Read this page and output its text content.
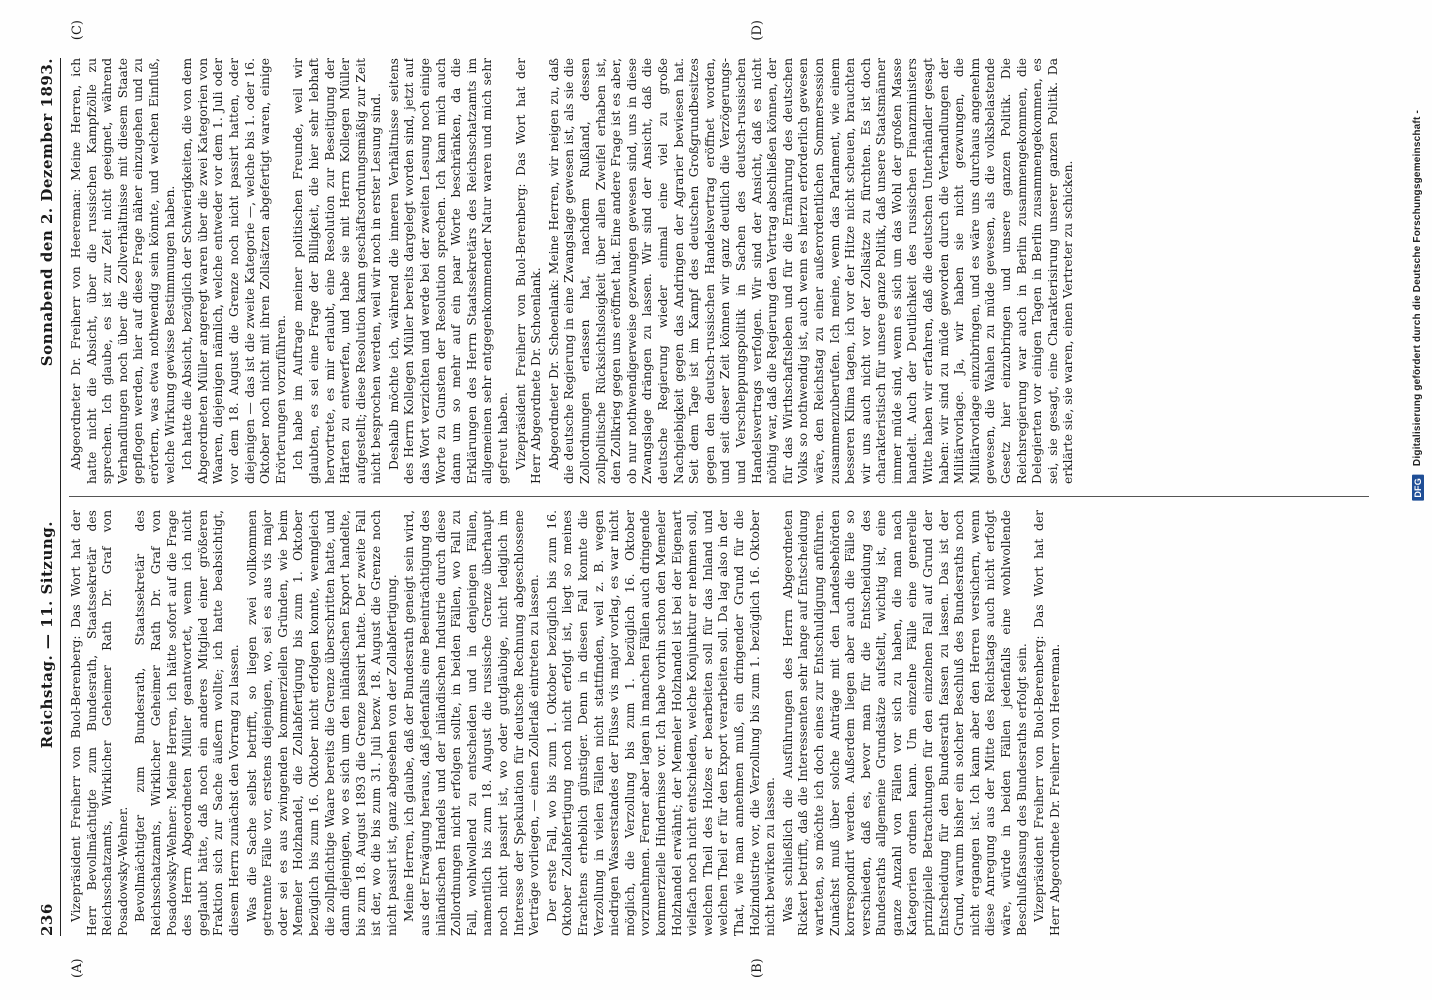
236
Reichstag. — 11. Sitzung.
Sonnabend den 2. Dezember 1893.
(A)	(B)
(C)	(D)

Vizepräsident Freiherr von Buol-Berenberg: Das Wort hat der Herr Bevollmächtigte zum Bundesrath, Staatssekretär des Reichsschatzamts, Wirklicher Geheimer Rath Dr. Graf von Posadowsky-Wehner. Bevollmächtigter zum Bundesrath, Staatssekretär des Reichsschatzamts, Wirklicher Geheimer Rath Dr. Graf von Posadowsky-Wehner: Meine Herren, ich hätte sofort auf die Frage des Herrn Abgeordneten Müller geantwortet, wenn ich nicht geglaubt hätte, daß noch ein anderes Mitglied einer größeren Fraktion sich zur Sache äußern wollte; ich hatte beabsichtigt, diesem Herrn zunächst den Vorrang zu lassen. Was die Sache selbst betrifft, so liegen zwei vollkommen getrennte Fälle vor, erstens diejenigen, wo, sei es aus vis major oder sei es aus zwingenden kommerziellen Gründen, wie beim Memeler Holzhandel, die Zollabfertigung bis zum 1. Oktober bezüglich bis zum 16. Oktober nicht erfolgen konnte, wenngleich die zollpflichtige Waare bereits die Grenze überschritten hatte, und dann diejenigen, wo es sich um den inländischen Export handelte, bis zum 18. August 1893 die Grenze passirt hatte. Der zweite Fall ist der, wo die bis zum 31. Juli bezw. 18. August die Grenze noch nicht passirt ist, ganz abgesehen von der Zollabfertigung. Meine Herren, ich glaube, daß der Bundesrath geneigt sein wird, aus der Erwägung heraus, daß jedenfalls eine Beeinträchtigung des inländischen Handels und der inländischen Industrie durch diese Zollordnungen nicht erfolgen sollte, in beiden Fällen, wo Fall zu Fall, wohlwollend zu entscheiden und in denjenigen Fällen, namentlich bis zum 18. August die russische Grenze überhaupt noch nicht passirt ist, wo oder gutgläubige, nicht lediglich im Interesse der Spekulation für deutsche Rechnung abgeschlossene Verträge vorliegen, — einen Zollerlaß eintreten zu lassen. Der erste Fall, wo bis zum 1. Oktober bezüglich bis zum 16. Oktober Zollabfertigung noch nicht erfolgt ist, liegt so meines Erachtens erheblich günstiger. Denn in diesen Fall konnte die Verzollung in vielen Fällen nicht stattfinden, weil z. B. wegen niedrigen Wasserstandes der Flüsse vis major vorlag, es war nicht möglich, die Verzollung bis zum 1. bezüglich 16. Oktober vorzunehmen. Ferner aber lagen in manchen Fällen auch dringende kommerzielle Hindernisse vor. Ich habe vorhin schon den Memeler Holzhandel erwähnt; der Memeler Holzhandel ist bei der Eigenart vielfach noch nicht entschieden, welche Konjunktur er nehmen soll, welchen Theil des Holzes er bearbeiten soll für das Inland und welchen Theil er für den Export verarbeiten soll. Da lag also in der That, wie man annehmen muß, ein dringender Grund für die Holzindustrie vor, die Verzollung bis zum 1. bezüglich 16. Oktober nicht bewirken zu lassen. Was schließlich die Ausführungen des Herrn Abgeordneten Rickert betrifft, daß die Interessenten sehr lange auf Entscheidung warteten, so möchte ich doch eines zur Entschuldigung anführen. Zunächst muß über solche Anträge mit den Landesbehörden korrespondirt werden. Außerdem liegen aber auch die Fälle so verschieden, daß es, bevor man für die Entscheidung des Bundesraths allgemeine Grundsätze aufstellt, wichtig ist, eine ganze Anzahl von Fällen vor sich zu haben, die man nach Kategorien ordnen kann. Um einzelne Fälle eine generelle prinzipielle Betrachtungen für den einzelnen Fall auf Grund der Entscheidung für den Bundesrath fassen zu lassen. Das ist der Grund, warum bisher ein solcher Beschluß des Bundesraths noch nicht ergangen ist. Ich kann aber den Herren versichern, wenn diese Anregung aus der Mitte des Reichstags auch nicht erfolgt wäre, würde in beiden Fällen jedenfalls eine wohlwollende Beschlußfassung des Bundesraths erfolgt sein. Vizepräsident Freiherr von Buol-Berenberg: Das Wort hat der Herr Abgeordnete Dr. Freiherr von Heereman.

Abgeordneter Dr. Freiherr von Heereman: Meine Herren, ich hatte nicht die Absicht, über die russischen Kampfzölle zu sprechen. Ich glaube, es ist zur Zeit nicht geeignet, während Verhandlungen noch über die Zollverhältnisse mit diesem Staate gepflogen werden, hier auf diese Frage näher einzugehen und zu erörtern, was etwa nothwendig sein könnte, und welchen Einfluß, welche Wirkung gewisse Bestimmungen haben. Ich hatte die Absicht, bezüglich der Schwierigkeiten, die von dem Abgeordneten Müller angeregt waren über die zwei Kategorien von Waaren, diejenigen nämlich, welche entweder vor dem 1. Juli oder vor dem 18. August die Grenze noch nicht passirt hatten, oder diejenigen — das ist die zweite Kategorie —, welche bis 1. oder 16. Oktober noch nicht mit ihren Zollsätzen abgefertigt waren, einige Erörterungen vorzuführen. Ich habe im Auftrage meiner politischen Freunde, weil wir glaubten, es sei eine Frage der Billigkeit, die hier sehr lebhaft hervortrete, es mir erlaubt, eine Resolution zur Beseitigung der Härten zu entwerfen, und habe sie mit Herrn Kollegen Müller aufgestellt; diese Resolution kann geschäftsordnungsmäßig zur Zeit nicht besprochen werden, weil wir noch in erster Lesung sind. Deshalb möchte ich, während die inneren Verhältnisse seitens des Herrn Kollegen Müller bereits dargelegt worden sind, jetzt auf das Wort verzichten und werde bei der zweiten Lesung noch einige Worte zu Gunsten der Resolution sprechen. Ich kann mich auch dann um so mehr auf ein paar Worte beschränken, da die Erklärungen des Herrn Staatssekretärs des Reichsschatzamts im allgemeinen sehr entgegenkommender Natur waren und mich sehr gefreut haben. Vizepräsident Freiherr von Buol-Berenberg: Das Wort hat der Herr Abgeordnete Dr. Schoenlank. Abgeordneter Dr. Schoenlank: Meine Herren, wir neigen zu, daß die deutsche Regierung in eine Zwangslage gewesen ist, als sie die Zollordnungen erlassen hat, nachdem Rußland, dessen zollpolitische Rücksichtslosigkeit über allen Zweifel erhaben ist, den Zollkrieg gegen uns eröffnet hat. Eine andere Frage ist es aber, ob nur nothwendigerweise gezwungen gewesen sind, uns in diese Zwangslage drängen zu lassen. Wir sind der Ansicht, daß die deutsche Regierung wieder einmal eine viel zu große Nachgiebigkeit gegen das Andringen der Agrarier bewiesen hat. Seit dem Tage ist im Kampf des deutschen Großgrundbesitzes gegen den deutsch-russischen Handelsvertrag eröffnet worden, und seit dieser Zeit können wir ganz deutlich die Verzögerungs- und Verschleppungspolitik in Sachen des deutsch-russischen Handelsvertrags verfolgen. Wir sind der Ansicht, daß es nicht nöthig war, daß die Regierung den Vertrag abschließen können, der für das Wirthschaftsleben und für die Ernährung des deutschen Volks so nothwendig ist, auch wenn es hierzu erforderlich gewesen wäre, den Reichstag zu einer außerordentlichen Sommersession zusammenzuberufen. Ich meine, wenn das Parlament, wie einem besseren Klima tagen, ich vor der Hitze nicht scheuen, brauchten wir uns auch nicht vor der Zollsätze zu fürchten. Es ist doch charakteristisch für unsere ganze Politik, daß unsere Staatsmänner immer müde sind, wenn es sich um das Wohl der großen Masse handelt. Auch der Deutlichkeit des russischen Finanzministers Witte haben wir erfahren, daß die deutschen Unterhändler gesagt haben: wir sind zu müde geworden durch die Verhandlungen der Militärvorlage. Ja, wir haben sie nicht gezwungen, die Militärvorlage einzubringen, und es wäre uns durchaus angenehm gewesen, die Wahlen zu müde gewesen, als die volksbelastende Gesetz hier einzubringen und unsere ganzen Politik. Die Reichsregierung war auch in Berlin zusammengekommen, die Delegierten vor einigen Tagen in Berlin zusammengekommen, es sei, sie gesagt, eine Charakterisirung unserer ganzen Politik. Da erklärte sie, sie waren, einen Vertreter zu schicken.

DFG Digitalisierung gefördert durch die Deutsche Forschungsgemeinschaft -
